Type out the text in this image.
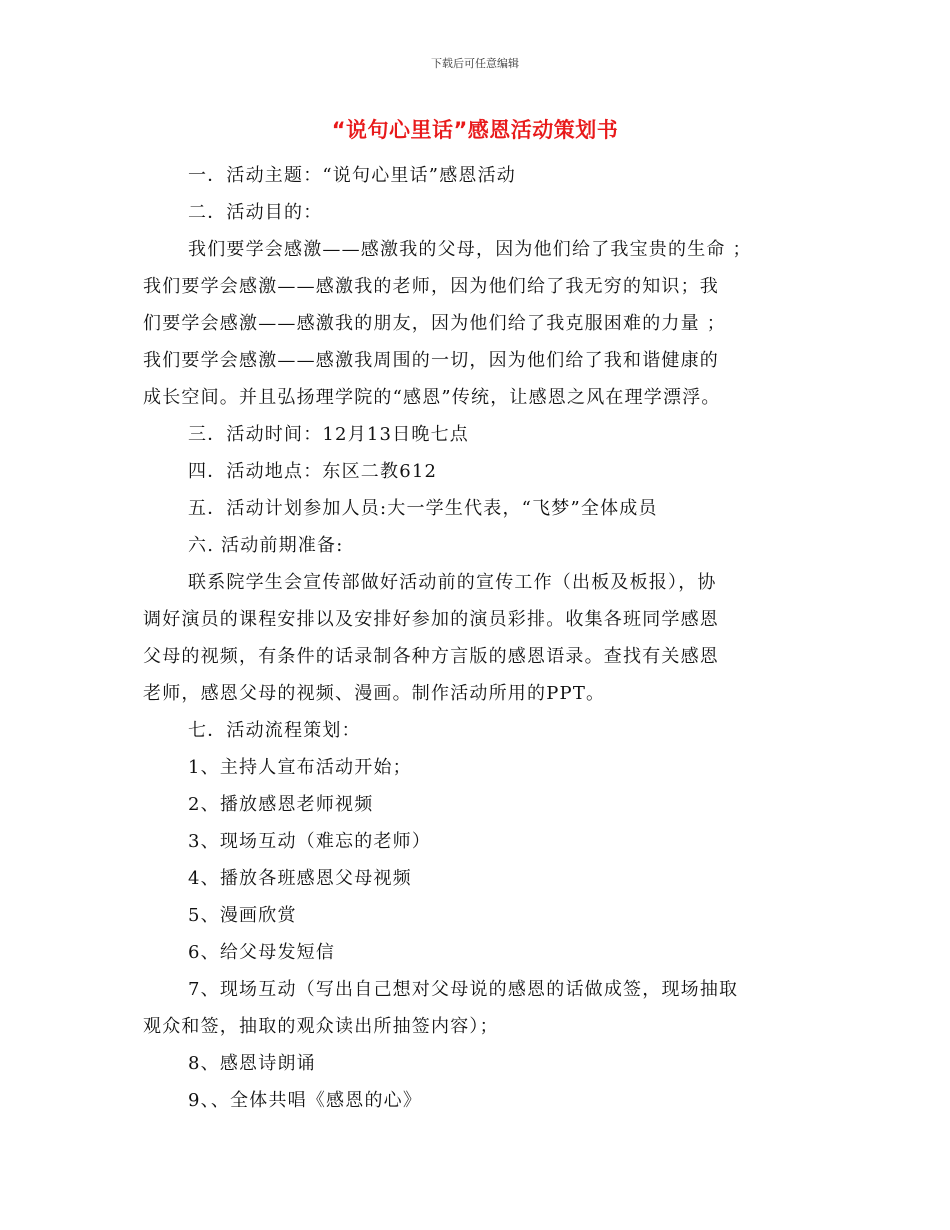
下载后可任意编辑
“说句心里话”感恩活动策划书

一．活动主题：“说句心里话”感恩活动

二．活动目的：

我们要学会感激——感激我的父母，因为他们给了我宝贵的生命 ；

我们要学会感激——感激我的老师，因为他们给了我无穷的知识；我

们要学会感激——感激我的朋友，因为他们给了我克服困难的力量 ；

我们要学会感激——感激我周围的一切，因为他们给了我和谐健康的

成长空间。并且弘扬理学院的“感恩”传统，让感恩之风在理学漂浮。

三．活动时间：12月13日晚七点

四．活动地点：东区二教612

五．活动计划参加人员:大一学生代表，“飞梦”全体成员

六. 活动前期准备:

联系院学生会宣传部做好活动前的宣传工作（出板及板报），协

调好演员的课程安排以及安排好参加的演员彩排。收集各班同学感恩

父母的视频，有条件的话录制各种方言版的感恩语录。查找有关感恩

老师，感恩父母的视频、漫画。制作活动所用的PPT。

七．活动流程策划：

1、主持人宣布活动开始；

2、播放感恩老师视频

3、现场互动（难忘的老师）

4、播放各班感恩父母视频

5、漫画欣赏

6、给父母发短信

7、现场互动（写出自己想对父母说的感恩的话做成签，现场抽取

观众和签，抽取的观众读出所抽签内容）；

8、感恩诗朗诵

9、、全体共唱《感恩的心》
